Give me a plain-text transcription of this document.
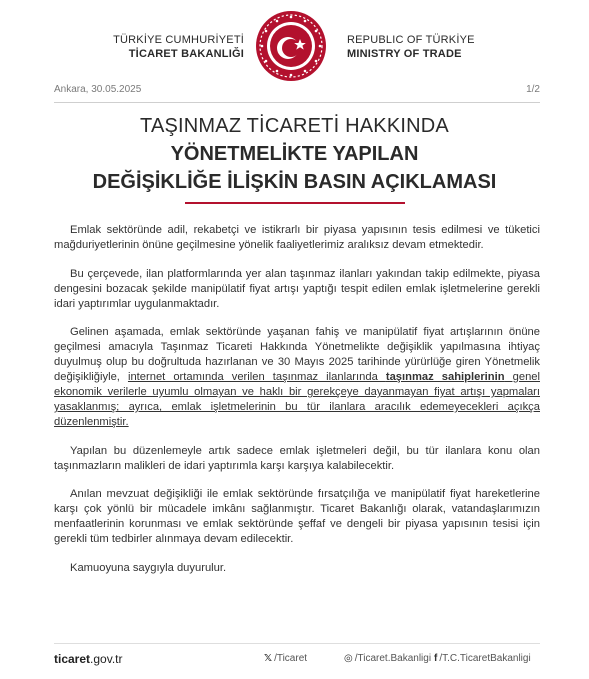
TÜRKİYE CUMHURİYETİ
TİCARET BAKANLIĞI
REPUBLIC OF TÜRKİYE
MINISTRY OF TRADE
Ankara, 30.05.2025	1/2
TAŞINMAZ TİCARETİ HAKKINDA
YÖNETMELİKTE YAPILAN
DEĞİŞİKLİĞE İLİŞKİN BASIN AÇIKLAMASI

Emlak sektöründe adil, rekabetçi ve istikrarlı bir piyasa yapısının tesis edilmesi ve tüketici mağduriyetlerinin önüne geçilmesine yönelik faaliyetlerimiz aralıksız devam etmektedir.

Bu çerçevede, ilan platformlarında yer alan taşınmaz ilanları yakından takip edilmekte, piyasa dengesini bozacak şekilde manipülatif fiyat artışı yaptığı tespit edilen emlak işletmelerine gerekli idari yaptırımlar uygulanmaktadır.

Gelinen aşamada, emlak sektöründe yaşanan fahiş ve manipülatif fiyat artışlarının önüne geçilmesi amacıyla Taşınmaz Ticareti Hakkında Yönetmelikte değişiklik yapılmasına ihtiyaç duyulmuş olup bu doğrultuda hazırlanan ve 30 Mayıs 2025 tarihinde yürürlüğe giren Yönetmelik değişikliğiyle, internet ortamında verilen taşınmaz ilanlarında taşınmaz sahiplerinin genel ekonomik verilerle uyumlu olmayan ve haklı bir gerekçeye dayanmayan fiyat artışı yapmaları yasaklanmış; ayrıca, emlak işletmelerinin bu tür ilanlara aracılık edemeyecekleri açıkça düzenlenmiştir.

Yapılan bu düzenlemeyle artık sadece emlak işletmeleri değil, bu tür ilanlara konu olan taşınmazların malikleri de idari yaptırımla karşı karşıya kalabilecektir.

Anılan mevzuat değişikliği ile emlak sektöründe fırsatçılığa ve manipülatif fiyat hareketlerine karşı çok yönlü bir mücadele imkânı sağlanmıştır. Ticaret Bakanlığı olarak, vatandaşlarımızın menfaatlerinin korunması ve emlak sektöründe şeffaf ve dengeli bir piyasa yapısının tesisi için gerekli tüm tedbirler alınmaya devam edilecektir.

Kamuoyuna saygıyla duyurulur.

ticaret.gov.tr	𝕏 /Ticaret	◎ /Ticaret.Bakanligi f /T.C.TicaretBakanligi
